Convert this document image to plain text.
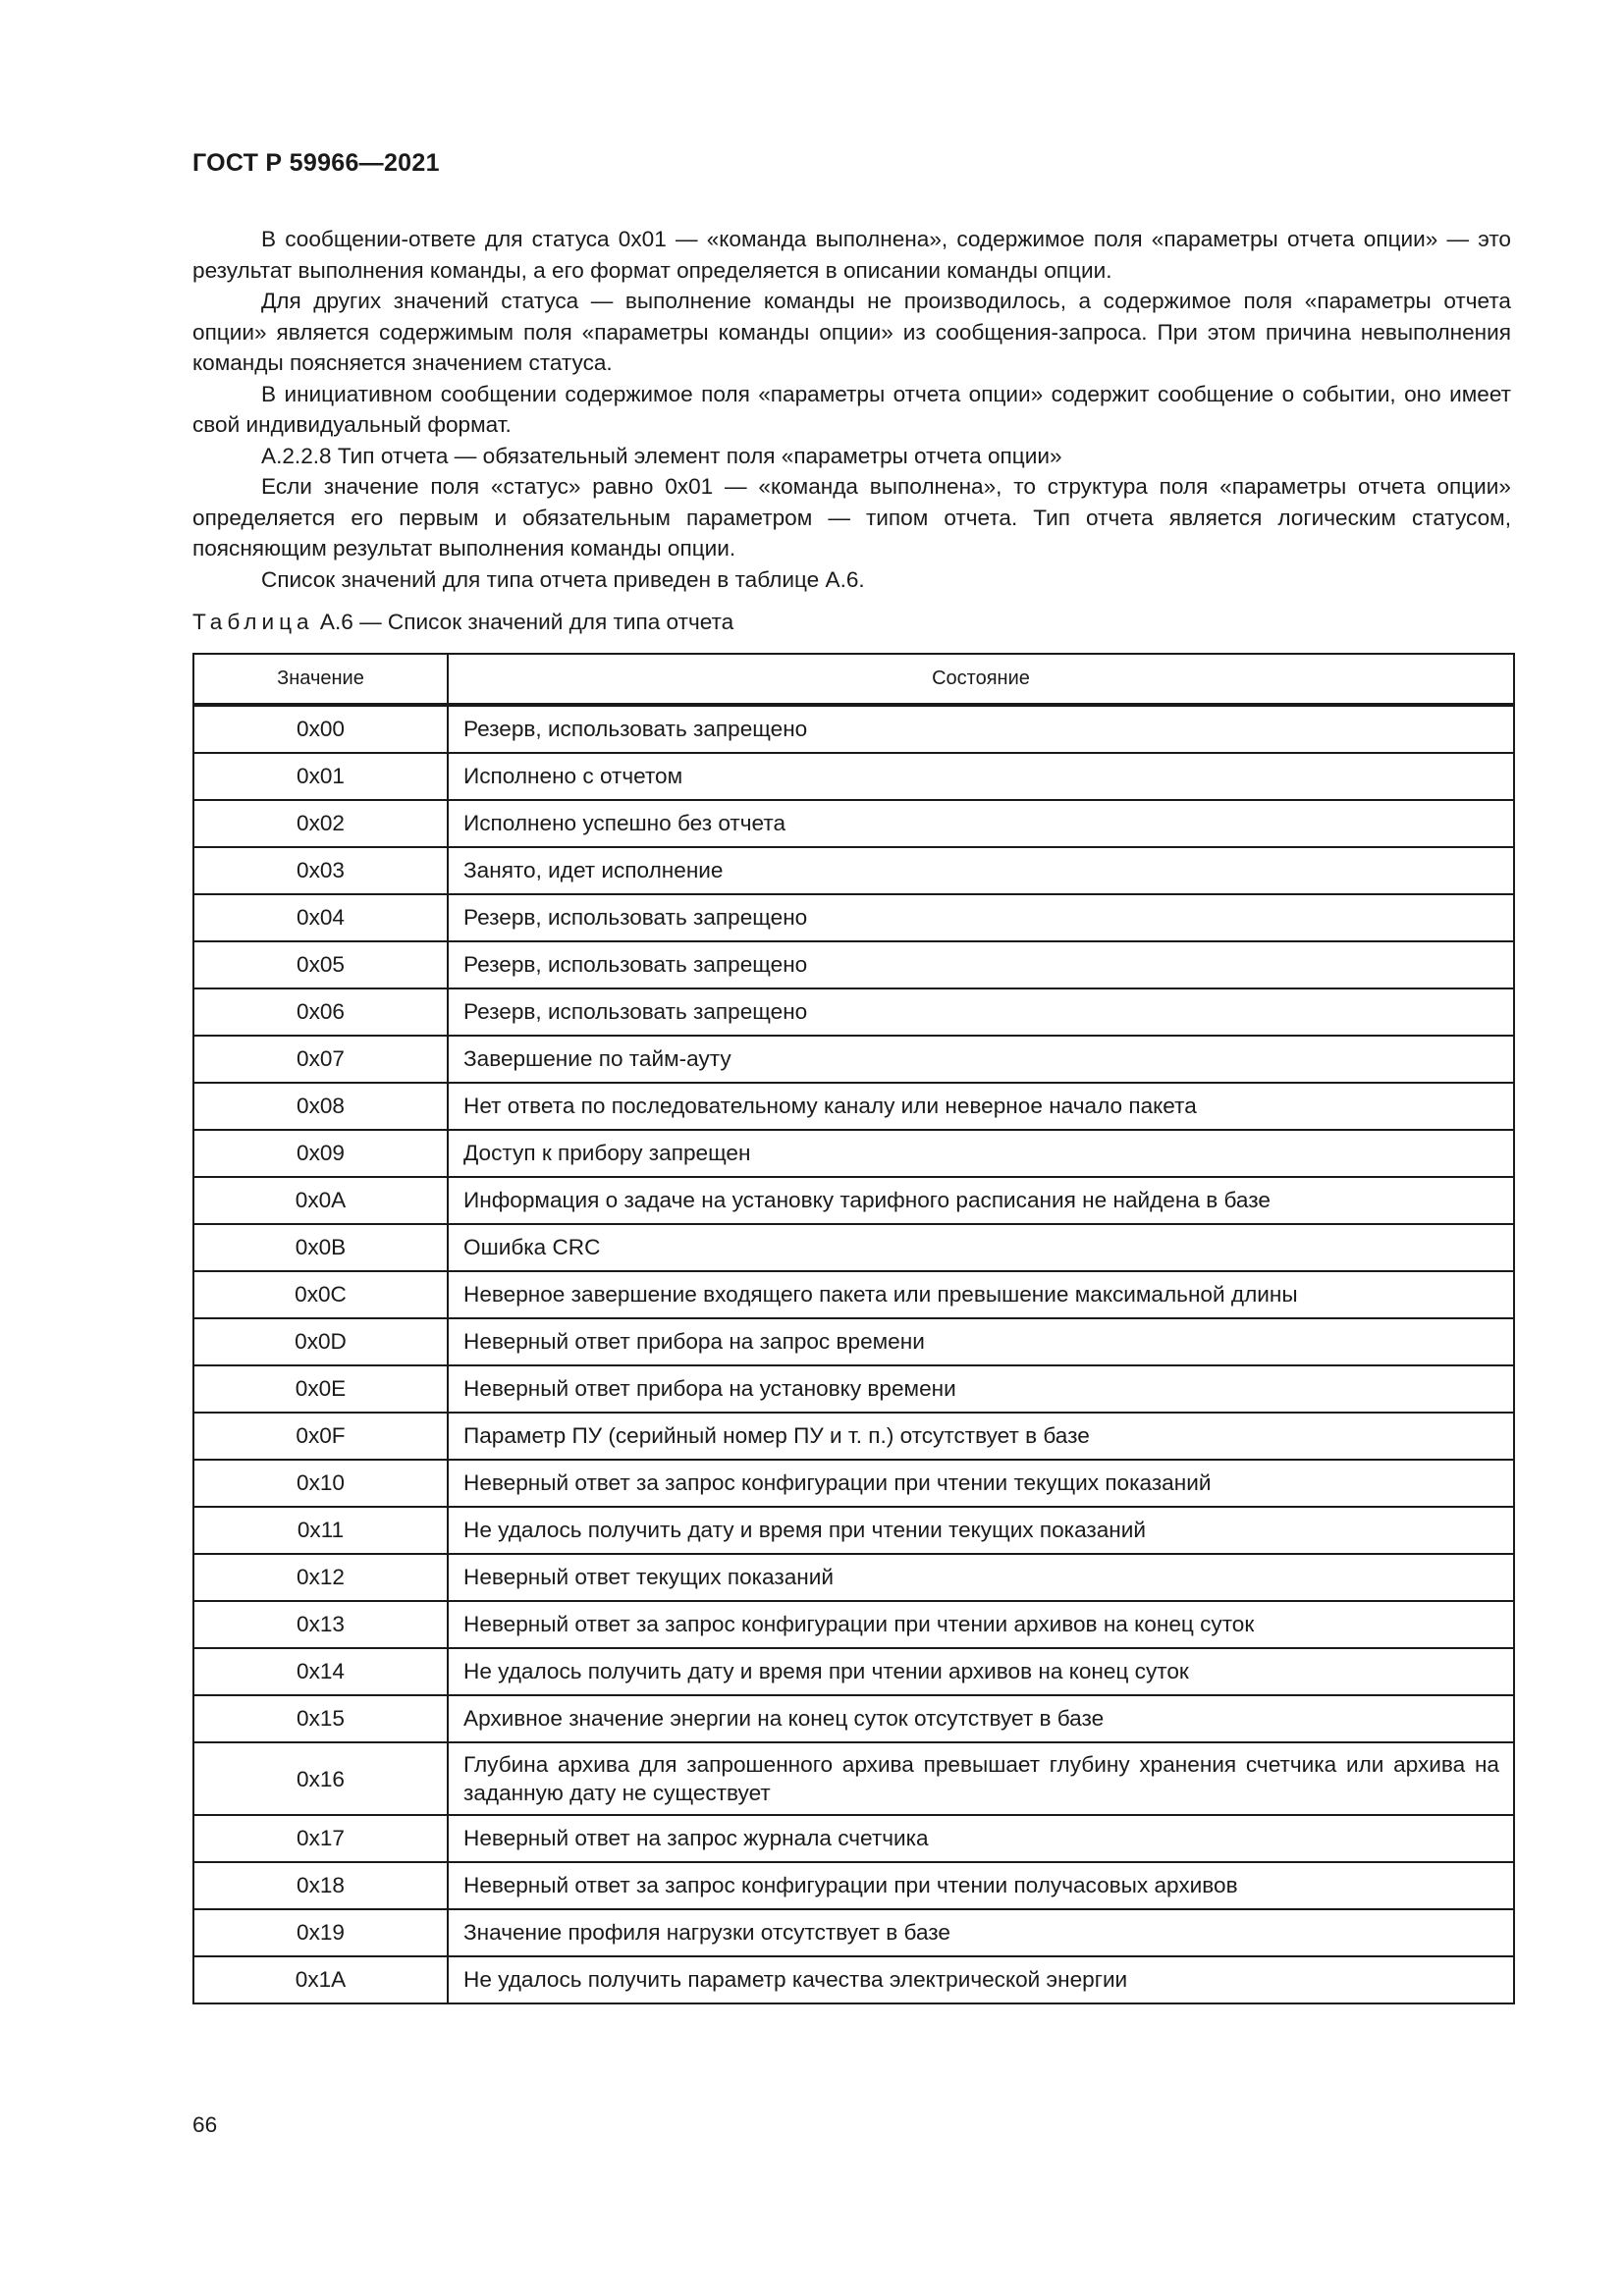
ГОСТ Р 59966—2021

В сообщении-ответе для статуса 0x01 — «команда выполнена», содержимое поля «параметры отчета опции» — это результат выполнения команды, а его формат определяется в описании команды опции.

Для других значений статуса — выполнение команды не производилось, а содержимое поля «параметры отчета опции» является содержимым поля «параметры команды опции» из сообщения-запроса. При этом причина невыполнения команды поясняется значением статуса.

В инициативном сообщении содержимое поля «параметры отчета опции» содержит сообщение о событии, оно имеет свой индивидуальный формат.

А.2.2.8 Тип отчета — обязательный элемент поля «параметры отчета опции»

Если значение поля «статус» равно 0x01 — «команда выполнена», то структура поля «параметры отчета опции» определяется его первым и обязательным параметром — типом отчета. Тип отчета является логическим статусом, поясняющим результат выполнения команды опции.

Список значений для типа отчета приведен в таблице А.6.

Таблица А.6 — Список значений для типа отчета
Значение	Состояние
0x00	Резерв, использовать запрещено
0x01	Исполнено с отчетом
0x02	Исполнено успешно без отчета
0x03	Занято, идет исполнение
0x04	Резерв, использовать запрещено
0x05	Резерв, использовать запрещено
0x06	Резерв, использовать запрещено
0x07	Завершение по тайм-ауту
0x08	Нет ответа по последовательному каналу или неверное начало пакета
0x09	Доступ к прибору запрещен
0x0A	Информация о задаче на установку тарифного расписания не найдена в базе
0x0B	Ошибка CRC
0x0C	Неверное завершение входящего пакета или превышение максимальной длины
0x0D	Неверный ответ прибора на запрос времени
0x0E	Неверный ответ прибора на установку времени
0x0F	Параметр ПУ (серийный номер ПУ и т. п.) отсутствует в базе
0x10	Неверный ответ за запрос конфигурации при чтении текущих показаний
0x11	Не удалось получить дату и время при чтении текущих показаний
0x12	Неверный ответ текущих показаний
0x13	Неверный ответ за запрос конфигурации при чтении архивов на конец суток
0x14	Не удалось получить дату и время при чтении архивов на конец суток
0x15	Архивное значение энергии на конец суток отсутствует в базе
0x16	Глубина архива для запрошенного архива превышает глубину хранения счетчика или архива на заданную дату не существует
0x17	Неверный ответ на запрос журнала счетчика
0x18	Неверный ответ за запрос конфигурации при чтении получасовых архивов
0x19	Значение профиля нагрузки отсутствует в базе
0x1A	Не удалось получить параметр качества электрической энергии
66
